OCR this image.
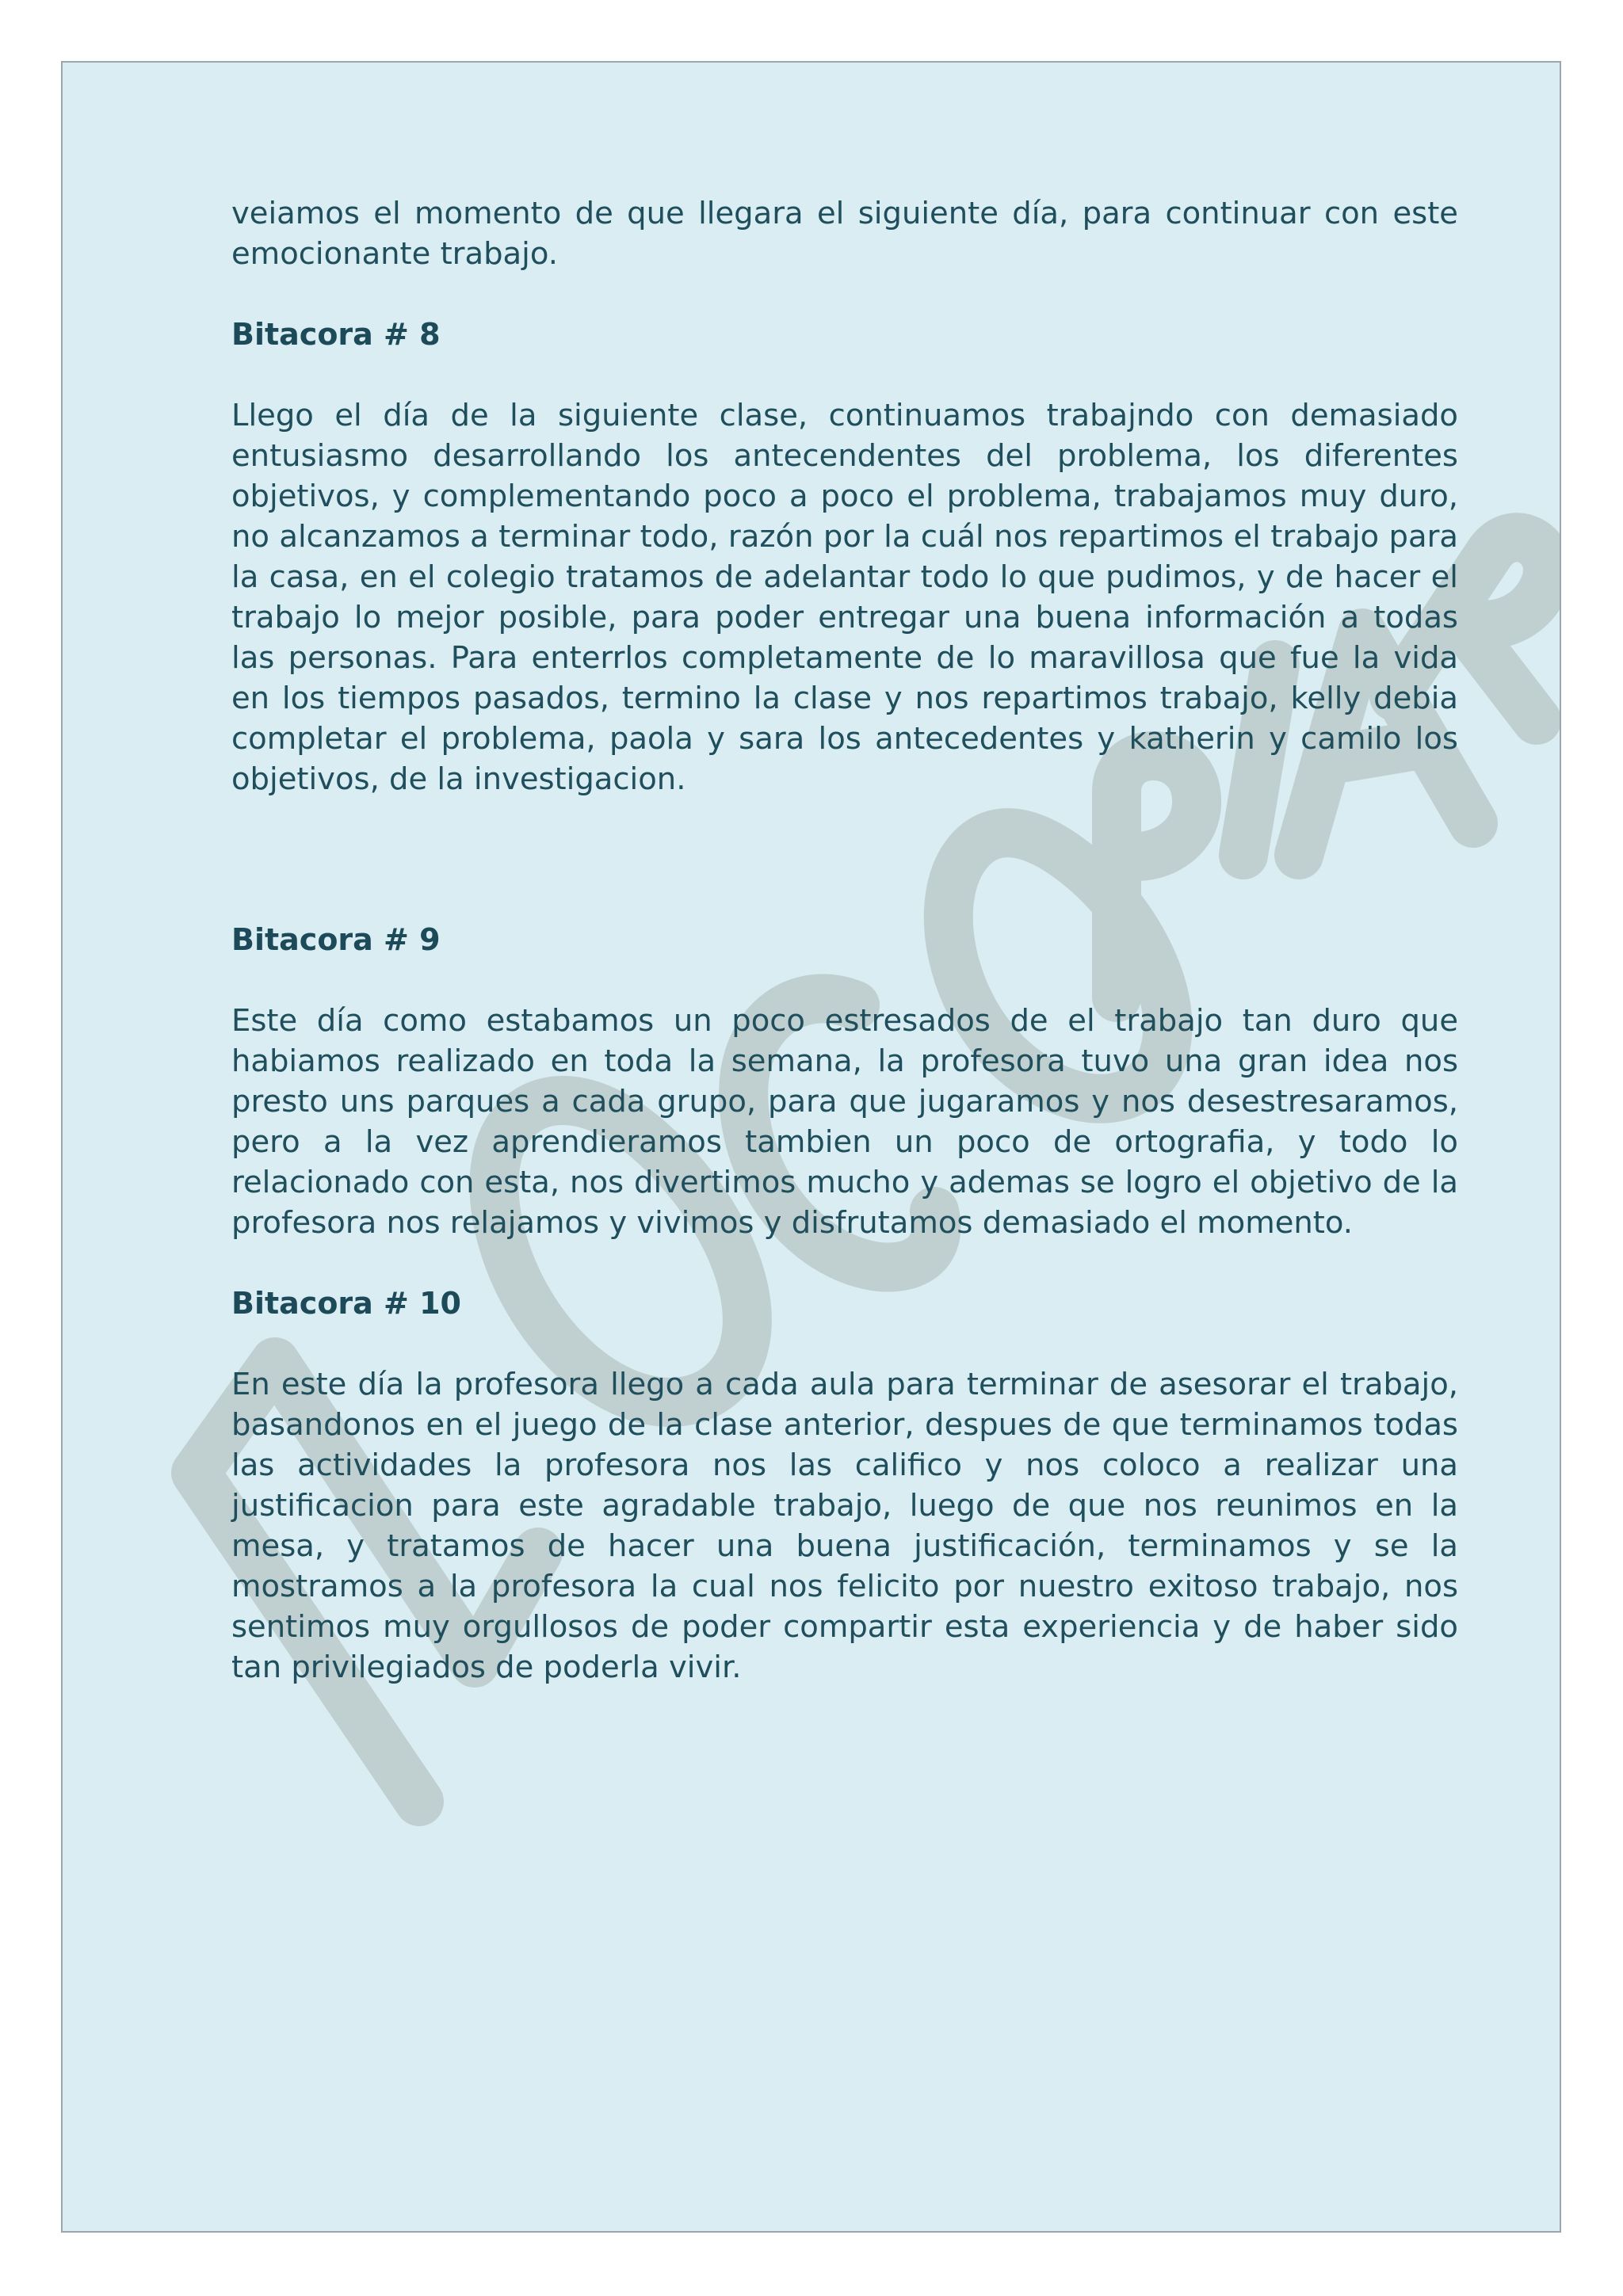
veiamos el momento de que llegara el siguiente día, para continuar con este emocionante trabajo.

Bitacora # 8

Llego el día de la siguiente clase, continuamos trabajndo con demasiado entusiasmo desarrollando los antecendentes del problema, los diferentes objetivos, y complementando poco a poco el problema, trabajamos muy duro, no alcanzamos a terminar todo, razón por la cuál nos repartimos el trabajo para la casa, en el colegio tratamos de adelantar todo lo que pudimos, y de hacer el trabajo lo mejor posible, para poder entregar una buena información a todas las personas. Para enterrlos completamente de lo maravillosa que fue la vida en los tiempos pasados, termino la clase y nos repartimos trabajo, kelly debia completar el problema, paola y sara los antecedentes y katherin y camilo los objetivos, de la investigacion.

Bitacora # 9

Este día como estabamos un poco estresados de el trabajo tan duro que habiamos realizado en toda la semana, la profesora tuvo una gran idea nos presto uns parques a cada grupo, para que jugaramos y nos desestresaramos, pero a la vez aprendieramos tambien un poco de ortografia, y todo lo relacionado con esta, nos divertimos mucho y ademas se logro el objetivo de la profesora nos relajamos y vivimos y disfrutamos demasiado el momento.

Bitacora # 10

En este día la profesora llego a cada aula para terminar de asesorar el trabajo, basandonos en el juego de la clase anterior, despues de que terminamos todas las actividades la profesora nos las califico y nos coloco a realizar una justificacion para este agradable trabajo, luego de que nos reunimos en la mesa, y tratamos de hacer una buena justificación, terminamos y se la mostramos a la profesora la cual nos felicito por nuestro exitoso trabajo, nos sentimos muy orgullosos de poder compartir esta experiencia y de haber sido tan privilegiados de poderla vivir.
